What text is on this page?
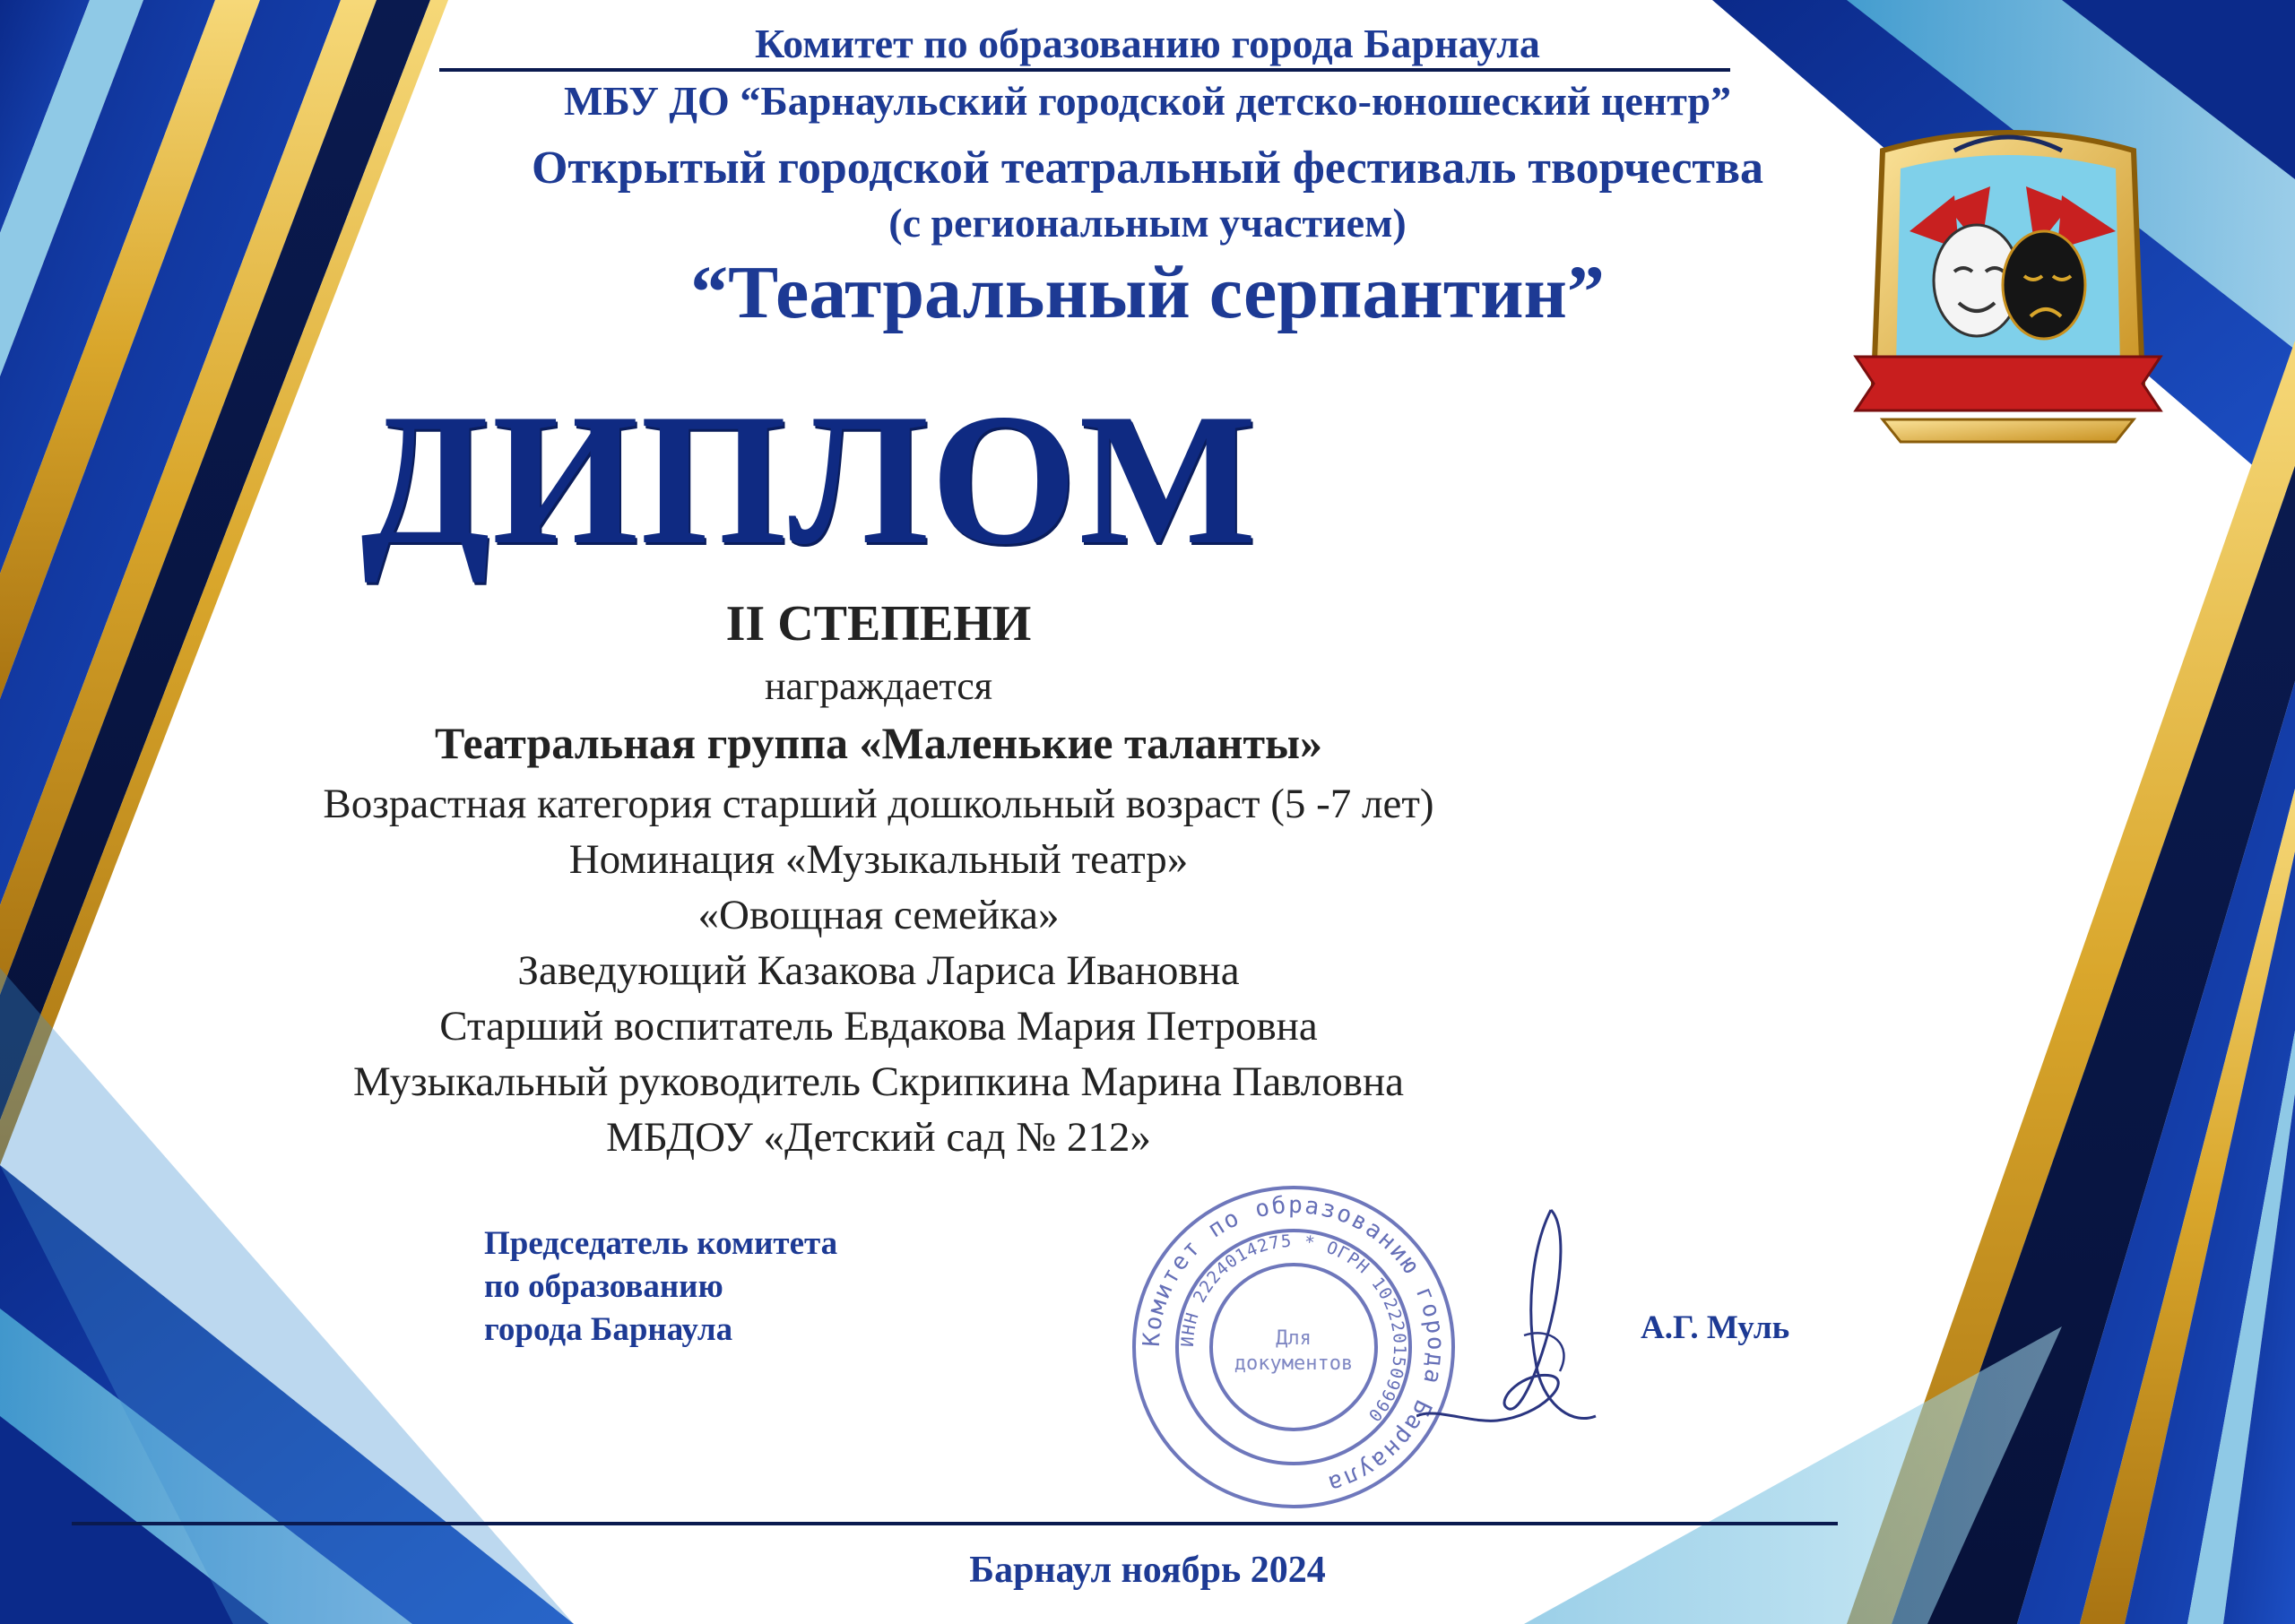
Комитет по образованию города Барнаула
МБУ ДО “Барнаульский городской детско-юношеский центр”
Открытый городской театральный фестиваль творчества
(с региональным участием)
“Театральный серпантин”
ДИПЛОМ
II СТЕПЕНИ
награждается
Театральная группа «Маленькие таланты»
Возрастная категория старший дошкольный возраст (5 -7 лет)
Номинация «Музыкальный театр»
«Овощная семейка»
Заведующий Казакова Лариса Ивановна
Старший воспитатель Евдакова Мария Петровна
Музыкальный руководитель Скрипкина Марина Павловна
МБДОУ «Детский сад № 212»
Председатель комитета
по образованию
города Барнаула	А.Г. Муль
Комитет по образованию города Барнаула
ИНН 2224014275 * ОГРН 1022201509990
Для
документов
Барнаул ноябрь 2024
